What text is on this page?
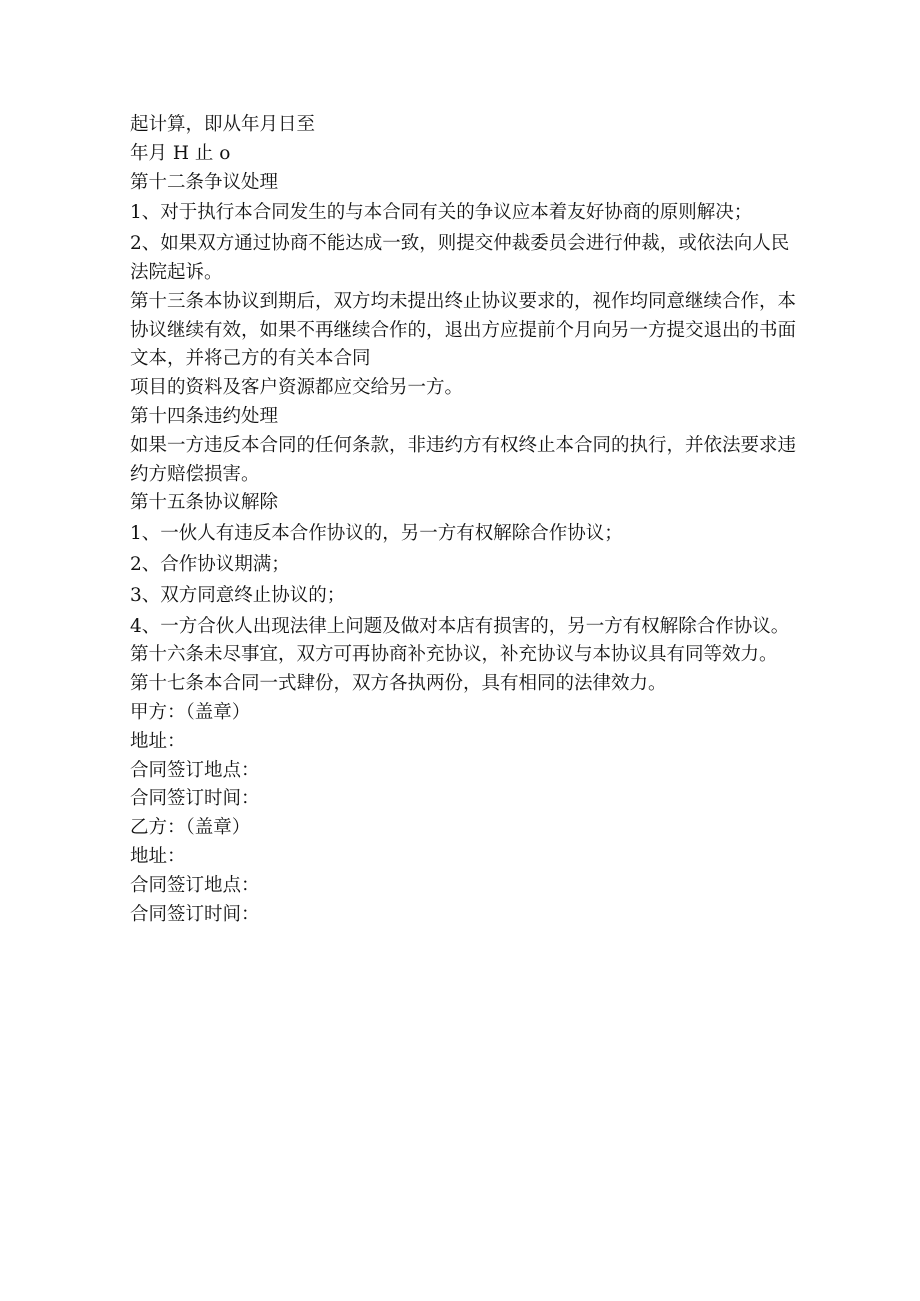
起计算，即从年月日至

年月 H 止 o

第十二条争议处理

1、对于执行本合同发生的与本合同有关的争议应本着友好协商的原则解决；

2、如果双方通过协商不能达成一致，则提交仲裁委员会进行仲裁，或依法向人民法院起诉。

第十三条本协议到期后，双方均未提出终止协议要求的，视作均同意继续合作，本协议继续有效，如果不再继续合作的，退出方应提前个月向另一方提交退出的书面文本，并将己方的有关本合同

项目的资料及客户资源都应交给另一方。

第十四条违约处理

如果一方违反本合同的任何条款，非违约方有权终止本合同的执行，并依法要求违约方赔偿损害。

第十五条协议解除

1、一伙人有违反本合作协议的，另一方有权解除合作协议；

2、合作协议期满；

3、双方同意终止协议的；

4、一方合伙人出现法律上问题及做对本店有损害的，另一方有权解除合作协议。

第十六条未尽事宜，双方可再协商补充协议，补充协议与本协议具有同等效力。

第十七条本合同一式肆份，双方各执两份，具有相同的法律效力。

甲方：（盖章）

地址：

合同签订地点：

合同签订时间：

乙方：（盖章）

地址：

合同签订地点：

合同签订时间：
